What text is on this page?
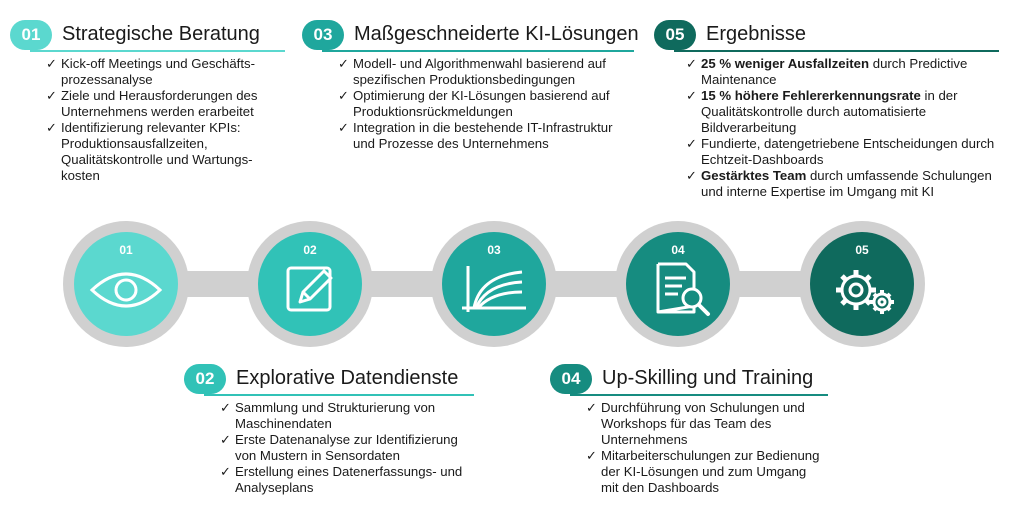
01	Strategische Beratung
✓ Kick-off Meetings und Geschäfts-prozessanalyse
✓ Ziele und Herausforderungen des Unternehmens werden erarbeitet
✓ Identifizierung relevanter KPIs: Produktionsausfallzeiten, Qualitätskontrolle und Wartungs-kosten
03	Maßgeschneiderte KI-Lösungen
✓ Modell- und Algorithmenwahl basierend auf spezifischen Produktionsbedingungen
✓ Optimierung der KI-Lösungen basierend auf Produktionsrückmeldungen
✓ Integration in die bestehende IT-Infrastruktur und Prozesse des Unternehmens
05	Ergebnisse
✓ 25 % weniger Ausfallzeiten durch Predictive Maintenance
✓ 15 % höhere Fehlererkennungsrate in der Qualitätskontrolle durch automatisierte Bildverarbeitung
✓ Fundierte, datengetriebene Entscheidungen durch Echtzeit-Dashboards
✓ Gestärktes Team durch umfassende Schulungen und interne Expertise im Umgang mit KI
02	Explorative Datendienste
✓ Sammlung und Strukturierung von Maschinendaten
✓ Erste Datenanalyse zur Identifizierung von Mustern in Sensordaten
✓ Erstellung eines Datenerfassungs- und Analyseplans
04	Up-Skilling und Training
✓ Durchführung von Schulungen und Workshops für das Team des Unternehmens
✓ Mitarbeiterschulungen zur Bedienung der KI-Lösungen und zum Umgang mit den Dashboards
01	02	03	04	05
